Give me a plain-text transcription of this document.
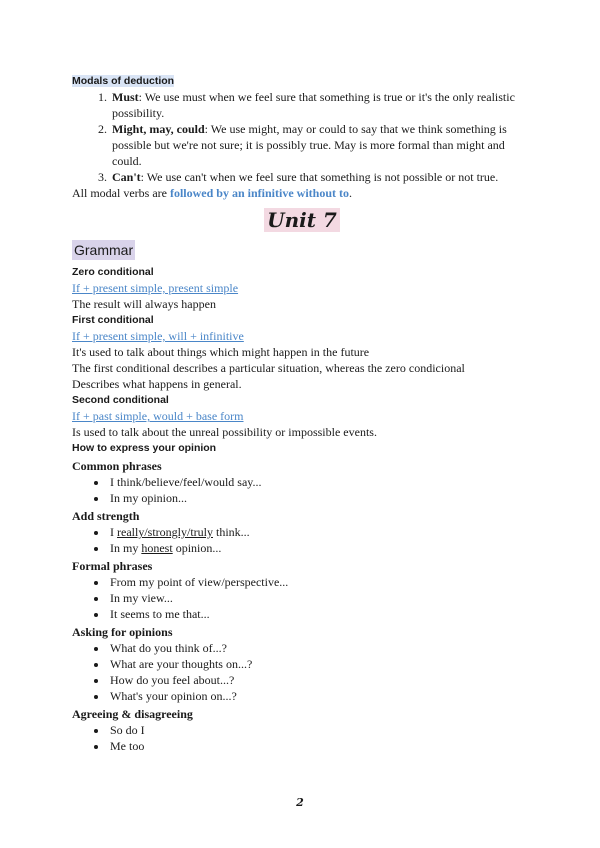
Modals of deduction
1. Must: We use must when we feel sure that something is true or it's the only realistic possibility.
2. Might, may, could: We use might, may or could to say that we think something is possible but we're not sure; it is possibly true. May is more formal than might and could.
3. Can't: We use can't when we feel sure that something is not possible or not true.
All modal verbs are followed by an infinitive without to.
Unit 7
Grammar
Zero conditional
If + present simple, present simple
The result will always happen
First conditional
If + present simple, will + infinitive
It's used to talk about things which might happen in the future
The first conditional describes a particular situation, whereas the zero condicional
Describes what happens in general.
Second conditional
If + past simple, would + base form
Is used to talk about the unreal possibility or impossible events.
How to express your opinion
Common phrases
• I think/believe/feel/would say...
• In my opinion...
Add strength
• I really/strongly/truly think...
• In my honest opinion...
Formal phrases
• From my point of view/perspective...
• In my view...
• It seems to me that...
Asking for opinions
• What do you think of...?
• What are your thoughts on...?
• How do you feel about...?
• What's your opinion on...?
Agreeing & disagreeing
• So do I
• Me too
2
